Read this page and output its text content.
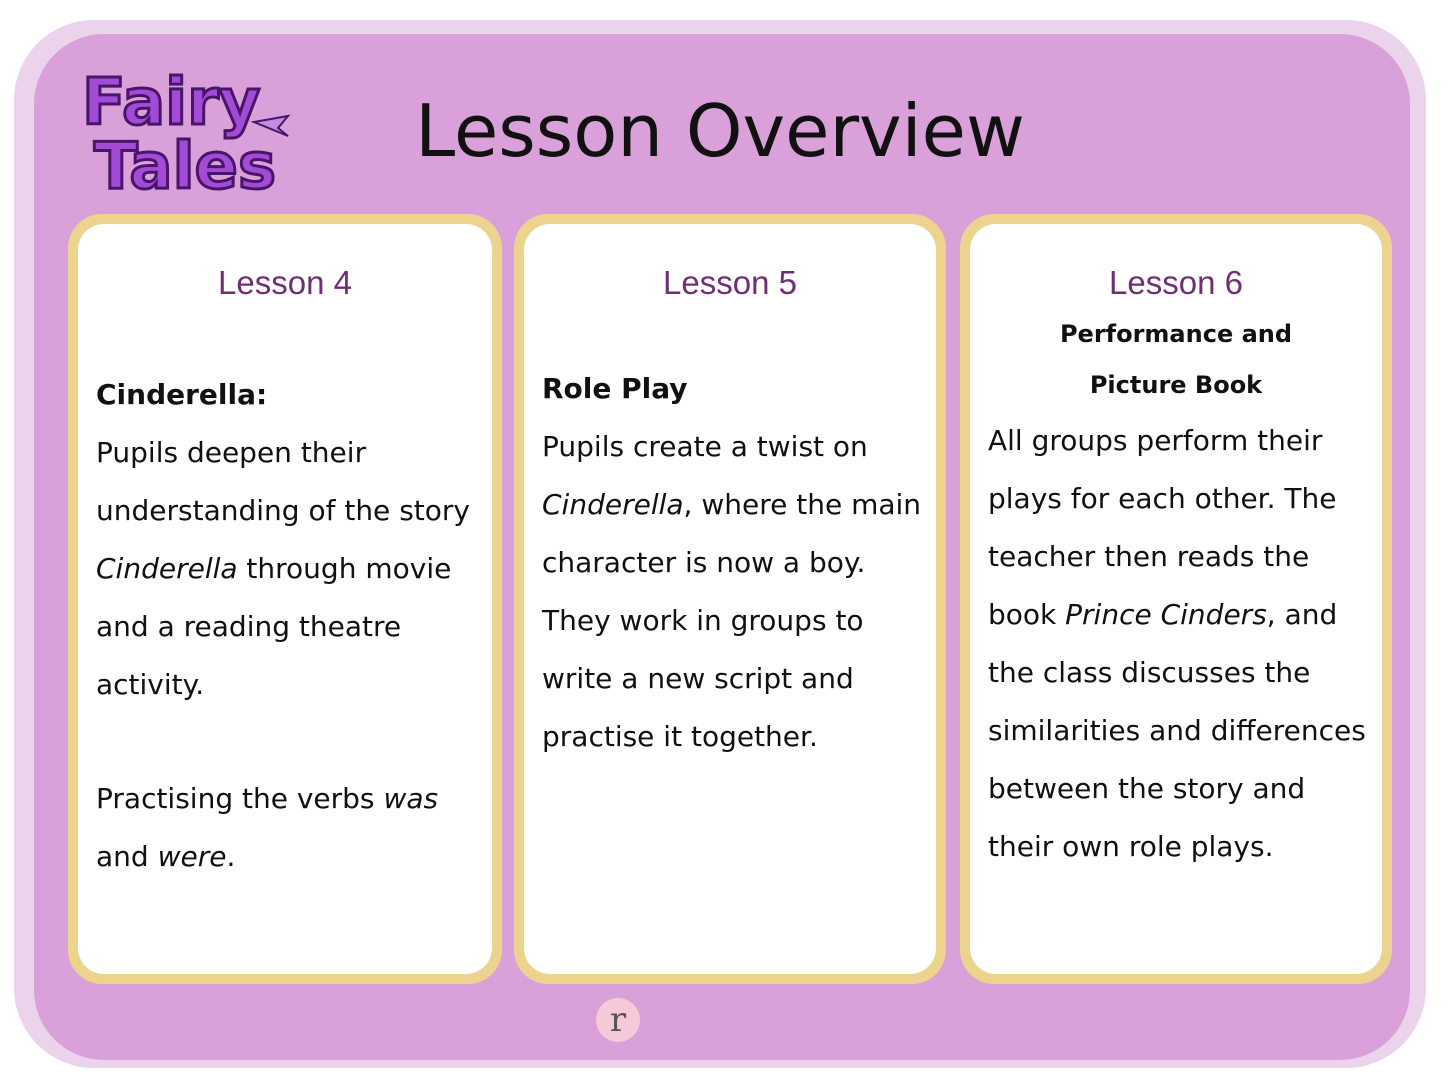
Fairy
Tales	Lesson Overview
Lesson 4
Cinderella:
Pupils deepen their understanding of the story Cinderella through movie and a reading theatre activity.
Practising the verbs was and were.
Lesson 5
Role Play
Pupils create a twist on Cinderella, where the main character is now a boy. They work in groups to write a new script and practise it together.
Lesson 6
Performance and
Picture Book
All groups perform their plays for each other. The teacher then reads the book Prince Cinders, and the class discusses the similarities and differences between the story and their own role plays.
r
